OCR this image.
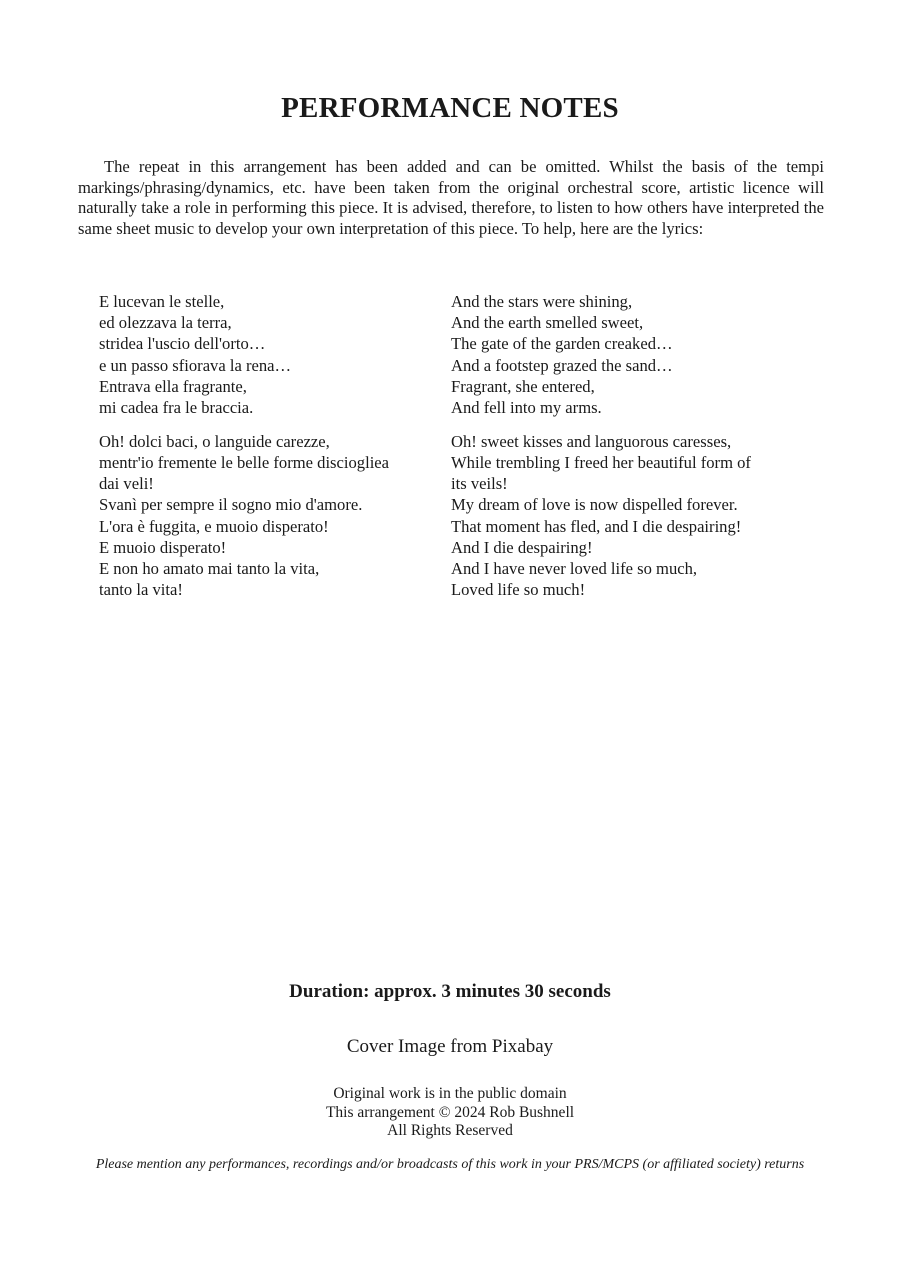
PERFORMANCE NOTES

The repeat in this arrangement has been added and can be omitted. Whilst the basis of the tempi markings/phrasing/dynamics, etc. have been taken from the original orchestral score, artistic licence will naturally take a role in performing this piece. It is advised, therefore, to listen to how others have interpreted the same sheet music to develop your own interpretation of this piece. To help, here are the lyrics:

E lucevan le stelle,
ed olezzava la terra,
stridea l'uscio dell'orto…
e un passo sfiorava la rena…
Entrava ella fragrante,
mi cadea fra le braccia.
Oh! dolci baci, o languide carezze,
mentr'io fremente le belle forme disciogliea
dai veli!
Svanì per sempre il sogno mio d'amore.
L'ora è fuggita, e muoio disperato!
E muoio disperato!
E non ho amato mai tanto la vita,
tanto la vita!
And the stars were shining,
And the earth smelled sweet,
The gate of the garden creaked…
And a footstep grazed the sand…
Fragrant, she entered,
And fell into my arms.
Oh! sweet kisses and languorous caresses,
While trembling I freed her beautiful form of
its veils!
My dream of love is now dispelled forever.
That moment has fled, and I die despairing!
And I die despairing!
And I have never loved life so much,
Loved life so much!
Duration: approx. 3 minutes 30 seconds
Cover Image from Pixabay
Original work is in the public domain
This arrangement © 2024 Rob Bushnell
All Rights Reserved
Please mention any performances, recordings and/or broadcasts of this work in your PRS/MCPS (or affiliated society) returns
